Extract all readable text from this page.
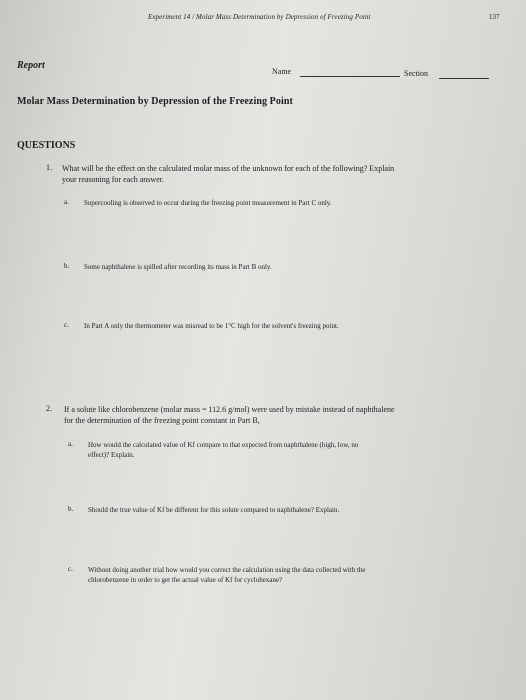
Experiment 14 / Molar Mass Determination by Depression of Freezing Point	137
Report
Name	Section
Molar Mass Determination by Depression of the Freezing Point
QUESTIONS
1. What will be the effect on the calculated molar mass of the unknown for each of the following? Explain
your reasoning for each answer.
a. Supercooling is observed to occur during the freezing point measurement in Part C only.
b. Some naphthalene is spilled after recording its mass in Part B only.
c. In Part A only the thermometer was misread to be 1°C high for the solvent's freezing point.
2. If a solute like chlorobenzene (molar mass = 112.6 g/mol) were used by mistake instead of naphthalene
for the determination of the freezing point constant in Part B,
a. How would the calculated value of Kf compare to that expected from naphthalene (high, low, no
effect)? Explain.
b. Should the true value of Kf be different for this solute compared to naphthalene? Explain.
c. Without doing another trial how would you correct the calculation using the data collected with the
chlorobenzene in order to get the actual value of Kf for cyclohexane?
